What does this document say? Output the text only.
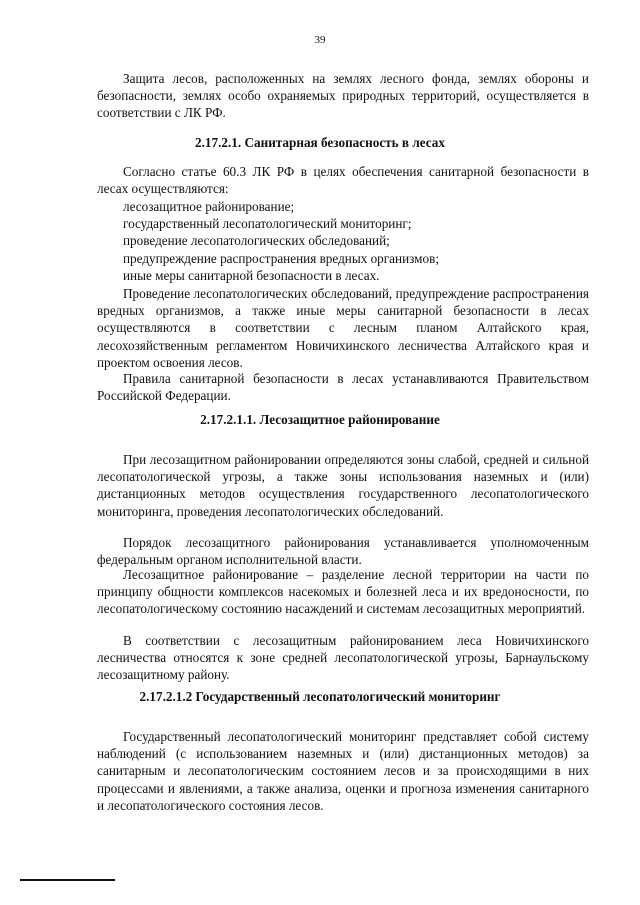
39

Защита лесов, расположенных на землях лесного фонда, землях обороны и безопасности, землях особо охраняемых природных территорий, осуществляется в соответствии с ЛК РФ.

2.17.2.1. Санитарная безопасность в лесах

Согласно статье 60.3 ЛК РФ в целях обеспечения санитарной безопасности в лесах осуществляются:

лесозащитное районирование;
государственный лесопатологический мониторинг;
проведение лесопатологических обследований;
предупреждение распространения вредных организмов;
иные меры санитарной безопасности в лесах.

Проведение лесопатологических обследований, предупреждение распространения вредных организмов, а также иные меры санитарной безопасности в лесах осуществляются в соответствии с лесным планом Алтайского края, лесохозяйственным регламентом Новичихинского лесничества Алтайского края и проектом освоения лесов.

Правила санитарной безопасности в лесах устанавливаются Правительством Российской Федерации.

2.17.2.1.1. Лесозащитное районирование

При лесозащитном районировании определяются зоны слабой, средней и сильной лесопатологической угрозы, а также зоны использования наземных и (или) дистанционных методов осуществления государственного лесопатологического мониторинга, проведения лесопатологических обследований.

Порядок лесозащитного районирования устанавливается уполномоченным федеральным органом исполнительной власти.

Лесозащитное районирование – разделение лесной территории на части по принципу общности комплексов насекомых и болезней леса и их вредоносности, по лесопатологическому состоянию насаждений и системам лесозащитных мероприятий.

В соответствии с лесозащитным районированием леса Новичихинского лесничества относятся к зоне средней лесопатологической угрозы, Барнаульскому лесозащитному району.

2.17.2.1.2 Государственный лесопатологический мониторинг

Государственный лесопатологический мониторинг представляет собой систему наблюдений (с использованием наземных и (или) дистанционных методов) за санитарным и лесопатологическим состоянием лесов и за происходящими в них процессами и явлениями, а также анализа, оценки и прогноза изменения санитарного и лесопатологического состояния лесов.
